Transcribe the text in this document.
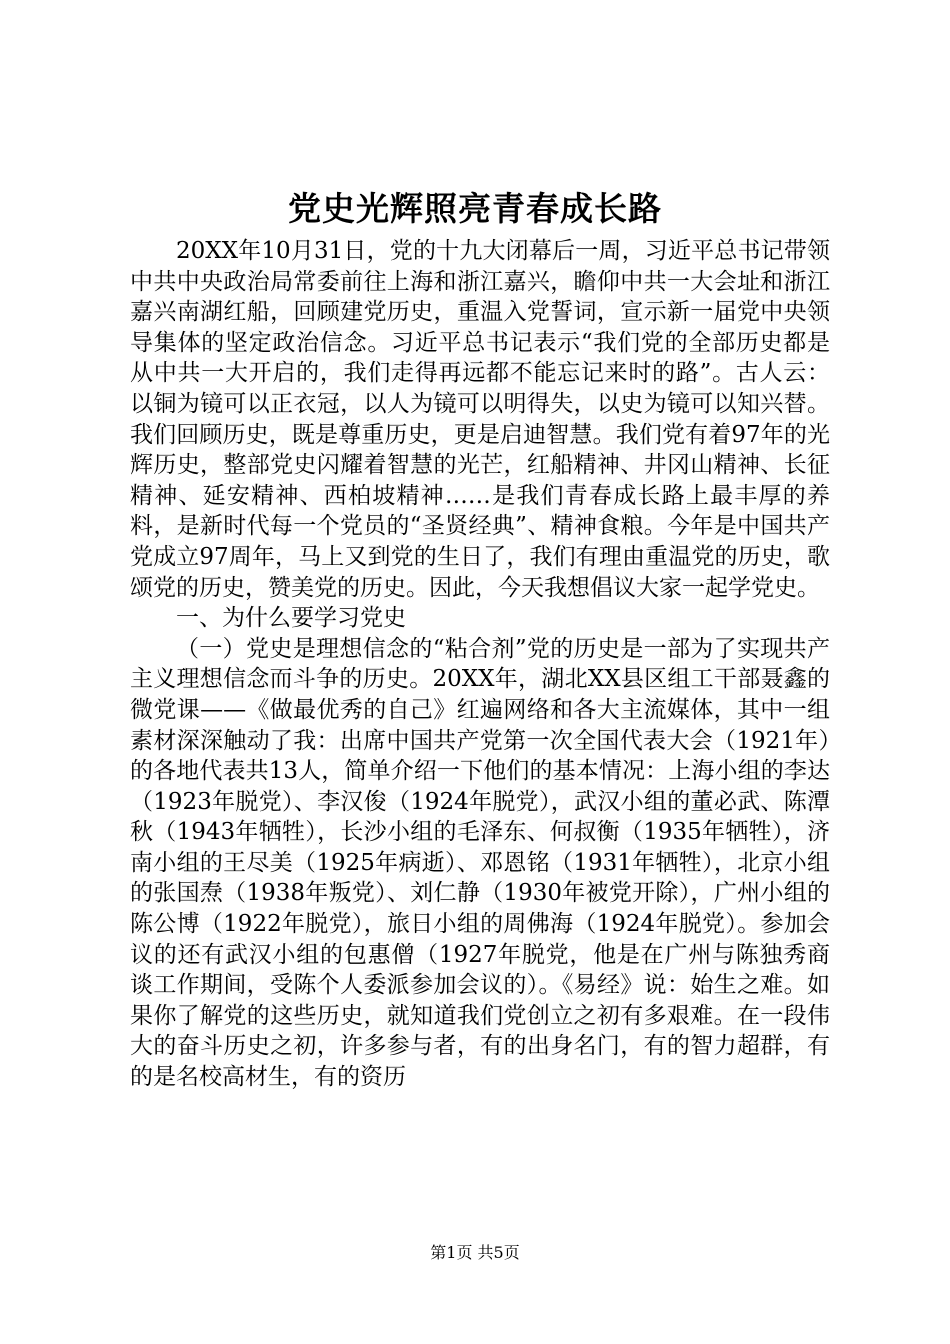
党史光辉照亮青春成长路

20XX年10月31日，党的十九大闭幕后一周，习近平总书记带领中共中央政治局常委前往上海和浙江嘉兴，瞻仰中共一大会址和浙江嘉兴南湖红船，回顾建党历史，重温入党誓词，宣示新一届党中央领导集体的坚定政治信念。习近平总书记表示“我们党的全部历史都是从中共一大开启的，我们走得再远都不能忘记来时的路”。古人云：以铜为镜可以正衣冠，以人为镜可以明得失，以史为镜可以知兴替。我们回顾历史，既是尊重历史，更是启迪智慧。我们党有着97年的光辉历史，整部党史闪耀着智慧的光芒，红船精神、井冈山精神、长征精神、延安精神、西柏坡精神……是我们青春成长路上最丰厚的养料，是新时代每一个党员的“圣贤经典”、精神食粮。今年是中国共产党成立97周年，马上又到党的生日了，我们有理由重温党的历史，歌颂党的历史，赞美党的历史。因此，今天我想倡议大家一起学党史。

一、为什么要学习党史

（一）党史是理想信念的“粘合剂”党的历史是一部为了实现共产主义理想信念而斗争的历史。20XX年，湖北XX县区组工干部聂鑫的微党课——《做最优秀的自己》红遍网络和各大主流媒体，其中一组素材深深触动了我：出席中国共产党第一次全国代表大会（1921年）的各地代表共13人，简单介绍一下他们的基本情况：上海小组的李达（1923年脱党）、李汉俊（1924年脱党），武汉小组的董必武、陈潭秋（1943年牺牲），长沙小组的毛泽东、何叔衡（1935年牺牲），济南小组的王尽美（1925年病逝）、邓恩铭（1931年牺牲），北京小组的张国焘（1938年叛党）、刘仁静（1930年被党开除），广州小组的陈公博（1922年脱党），旅日小组的周佛海（1924年脱党）。参加会议的还有武汉小组的包惠僧（1927年脱党，他是在广州与陈独秀商谈工作期间，受陈个人委派参加会议的）。《易经》说：始生之难。如果你了解党的这些历史，就知道我们党创立之初有多艰难。在一段伟大的奋斗历史之初，许多参与者，有的出身名门，有的智力超群，有的是名校高材生，有的资历

第1页 共5页
